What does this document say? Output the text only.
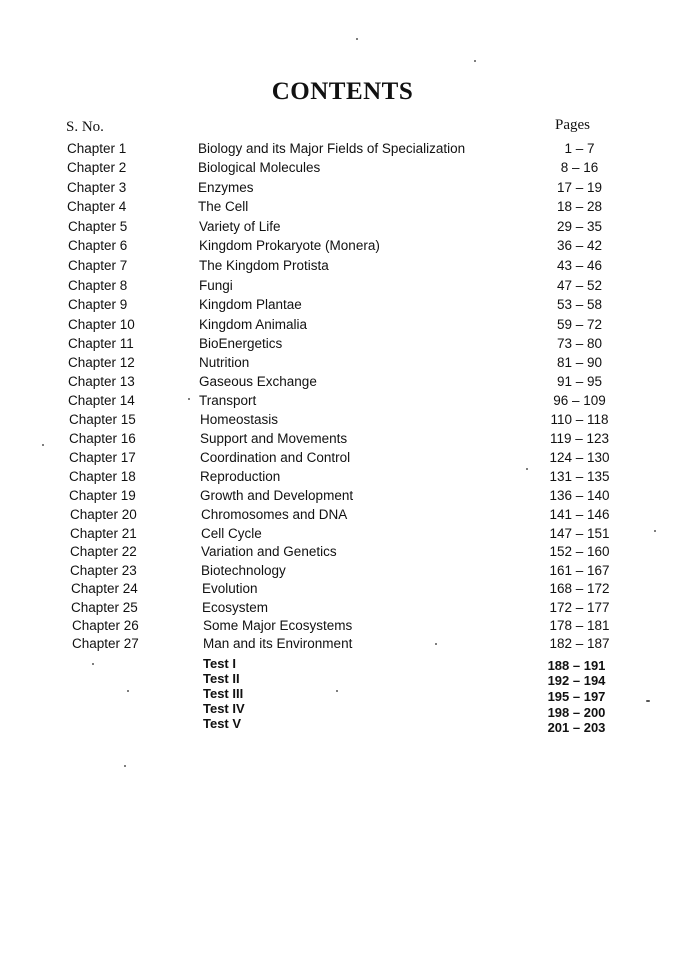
CONTENTS
S. No.	Pages
Chapter 1	Biology and its Major Fields of Specialization	1 – 7
Chapter 2	Biological Molecules	8 – 16
Chapter 3	Enzymes	17 – 19
Chapter 4	The Cell	18 – 28
Chapter 5	Variety of Life	29 – 35
Chapter 6	Kingdom Prokaryote (Monera)	36 – 42
Chapter 7	The Kingdom Protista	43 – 46
Chapter 8	Fungi	47 – 52
Chapter 9	Kingdom Plantae	53 – 58
Chapter 10	Kingdom Animalia	59 – 72
Chapter 11	BioEnergetics	73 – 80
Chapter 12	Nutrition	81 – 90
Chapter 13	Gaseous Exchange	91 – 95
Chapter 14	Transport	96 – 109
Chapter 15	Homeostasis	110 – 118
Chapter 16	Support and Movements	119 – 123
Chapter 17	Coordination and Control	124 – 130
Chapter 18	Reproduction	131 – 135
Chapter 19	Growth and Development	136 – 140
Chapter 20	Chromosomes and DNA	141 – 146
Chapter 21	Cell Cycle	147 – 151
Chapter 22	Variation and Genetics	152 – 160
Chapter 23	Biotechnology	161 – 167
Chapter 24	Evolution	168 – 172
Chapter 25	Ecosystem	172 – 177
Chapter 26	Some Major Ecosystems	178 – 181
Chapter 27	Man and its Environment	182 – 187
Test I	188 – 191
Test II	192 – 194
Test III	195 – 197
Test IV	198 – 200
Test V	201 – 203
